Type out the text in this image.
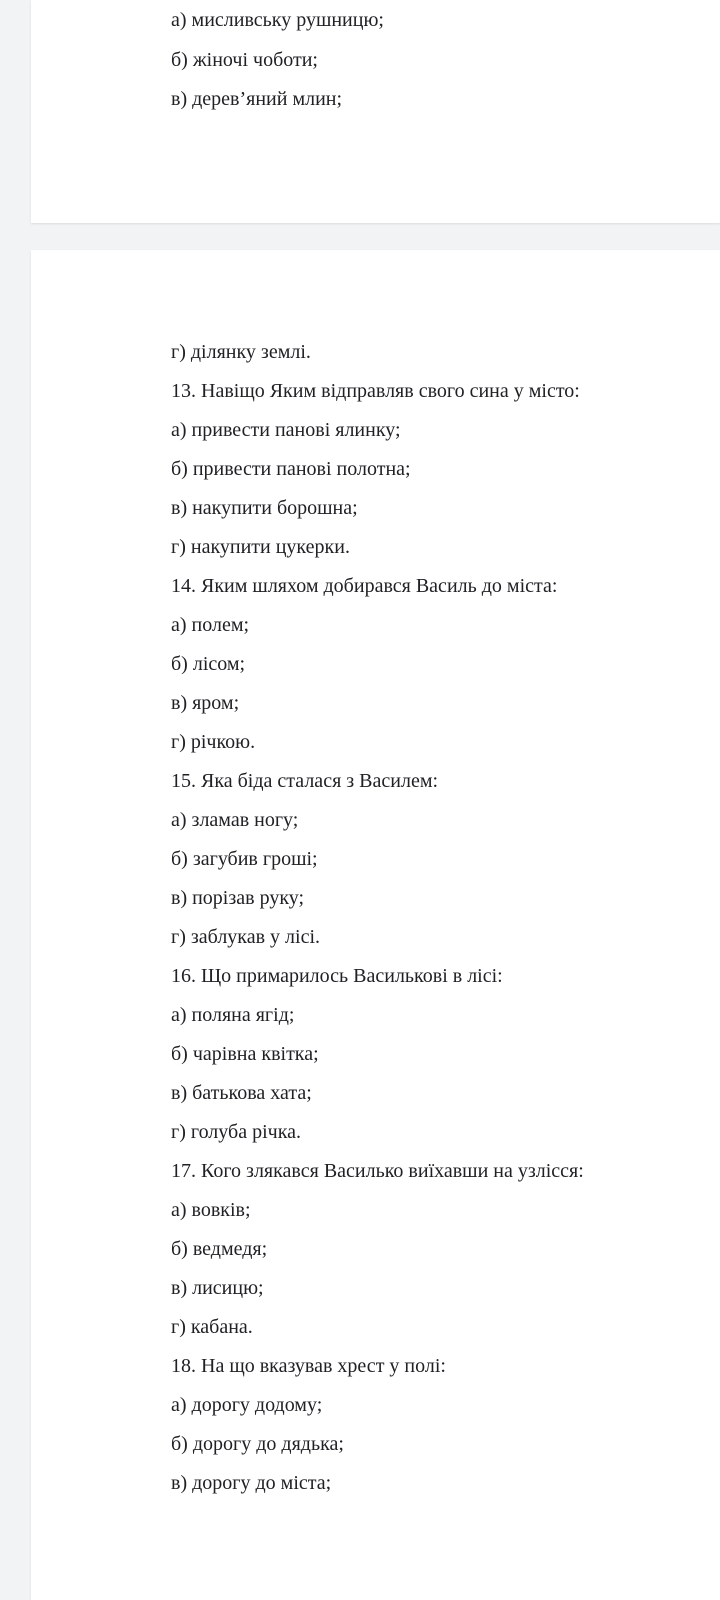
а) мисливську рушницю;
б) жіночі чоботи;
в) дерев’яний млин;
г) ділянку землі.
13. Навіщо Яким відправляв свого сина у місто:
а) привести панові ялинку;
б) привести панові полотна;
в) накупити борошна;
г) накупити цукерки.
14. Яким шляхом добирався Василь до міста:
а) полем;
б) лісом;
в) яром;
г) річкою.
15. Яка біда сталася з Василем:
а) зламав ногу;
б) загубив гроші;
в) порізав руку;
г) заблукав у лісі.
16. Що примарилось Васильковi в лісі:
а) поляна ягід;
б) чарівна квітка;
в) батькова хата;
г) голуба річка.
17. Кого злякався Василько виїхавши на узлісся:
а) вовків;
б) ведмедя;
в) лисицю;
г) кабана.
18. На що вказував хрест у полі:
а) дорогу додому;
б) дорогу до дядька;
в) дорогу до міста;
